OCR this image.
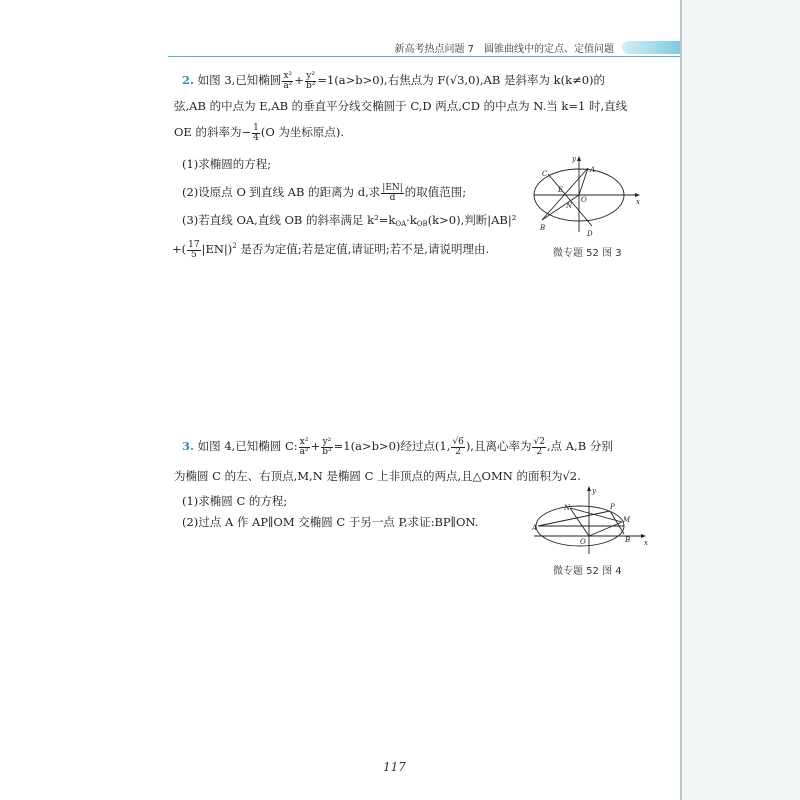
新高考热点问题 7　圆锥曲线中的定点、定值问题
2. 如图 3,已知椭圆 $\frac{\text{x²}}{\text{a²}} + \frac{\text{y²}}{\text{b²}} =1(a>b>0)$,右焦点为 F(√3,0),AB 是斜率为 k(k≠0)的
弦,AB 的中点为 E,AB 的垂直平分线交椭圆于 C,D 两点,CD 的中点为 N.当 k=1 时,直线
OE 的斜率为− $\frac{1}{4} (O$ 为坐标原点).
(1)求椭圆的方程;
(2)设原点 O 到直线 AB 的距离为 d,求 $\frac{|EN|}{d}$ 的取值范围;
(3)若直线 OA,直线 OB 的斜率满足 $k^2=k_{OA}\cdot k_{OB}(k>0)$,判断|AB|²
+( $\frac{17}{5} |EN|)^2$ 是否为定值;若是定值,请证明;若不是,请说明理由.
y
x
C	A
E
O
N
B
D
微专题 52 图 3
3. 如图 4,已知椭圆 C: $\frac{\text{x²}}{\text{a²}} + \frac{\text{y²}}{\text{b²}} =1(a>b>0)$经过点(1, $\frac{√6}{2}$ ),且离心率为 $\frac{√2}{2}$ ,点 A,B 分别
为椭圆 C 的左、右顶点,M,N 是椭圆 C 上非顶点的两点,且△OMN 的面积为√2.
(1)求椭圆 C 的方程;
(2)过点 A 作 AP∥OM 交椭圆 C 于另一点 P,求证:BP∥ON.
y
x
N	P
M
A
O	B
微专题 52 图 4
117
